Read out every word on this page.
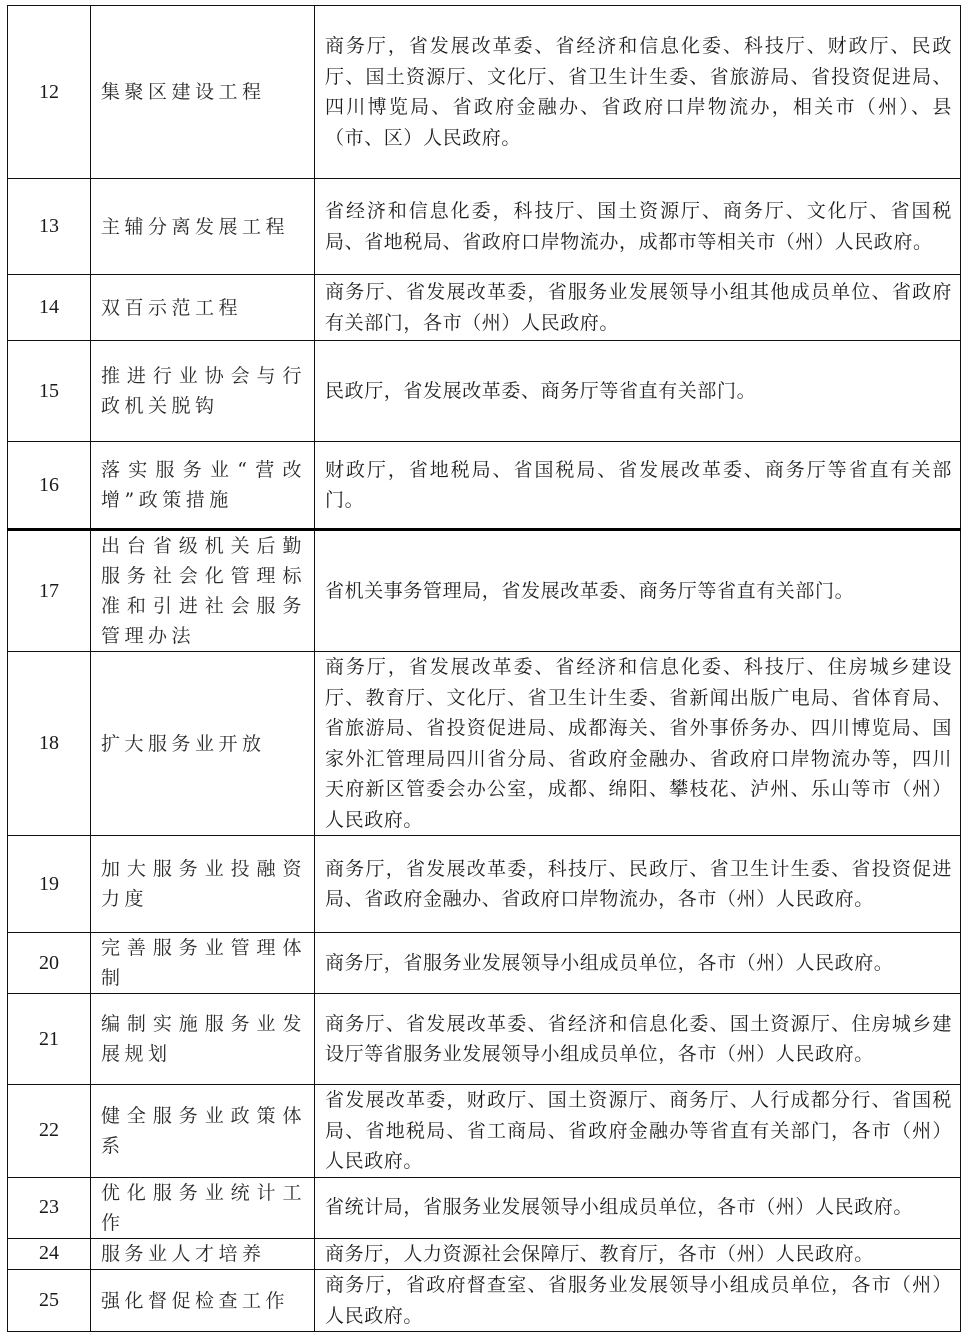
12	集聚区建设工程	商务厅，省发展改革委、省经济和信息化委、科技厅、财政厅、民政厅、国土资源厅、文化厅、省卫生计生委、省旅游局、省投资促进局、四川博览局、省政府金融办、省政府口岸物流办，相关市（州）、县（市、区）人民政府。
13	主辅分离发展工程	省经济和信息化委，科技厅、国土资源厅、商务厅、文化厅、省国税局、省地税局、省政府口岸物流办，成都市等相关市（州）人民政府。
14	双百示范工程	商务厅、省发展改革委，省服务业发展领导小组其他成员单位、省政府有关部门，各市（州）人民政府。
15	推进行业协会与行政机关脱钩	民政厅，省发展改革委、商务厅等省直有关部门。
16	落实服务业“营改增”政策措施	财政厅，省地税局、省国税局、省发展改革委、商务厅等省直有关部门。
17	出台省级机关后勤服务社会化管理标准和引进社会服务管理办法	省机关事务管理局，省发展改革委、商务厅等省直有关部门。
18	扩大服务业开放	商务厅，省发展改革委、省经济和信息化委、科技厅、住房城乡建设厅、教育厅、文化厅、省卫生计生委、省新闻出版广电局、省体育局、省旅游局、省投资促进局、成都海关、省外事侨务办、四川博览局、国家外汇管理局四川省分局、省政府金融办、省政府口岸物流办等，四川天府新区管委会办公室，成都、绵阳、攀枝花、泸州、乐山等市（州）人民政府。
19	加大服务业投融资力度	商务厅，省发展改革委，科技厅、民政厅、省卫生计生委、省投资促进局、省政府金融办、省政府口岸物流办，各市（州）人民政府。
20	完善服务业管理体制	商务厅，省服务业发展领导小组成员单位，各市（州）人民政府。
21	编制实施服务业发展规划	商务厅、省发展改革委、省经济和信息化委、国土资源厅、住房城乡建设厅等省服务业发展领导小组成员单位，各市（州）人民政府。
22	健全服务业政策体系	省发展改革委，财政厅、国土资源厅、商务厅、人行成都分行、省国税局、省地税局、省工商局、省政府金融办等省直有关部门，各市（州）人民政府。
23	优化服务业统计工作	省统计局，省服务业发展领导小组成员单位，各市（州）人民政府。
24	服务业人才培养	商务厅，人力资源社会保障厅、教育厅，各市（州）人民政府。
25	强化督促检查工作	商务厅，省政府督查室、省服务业发展领导小组成员单位，各市（州）人民政府。
